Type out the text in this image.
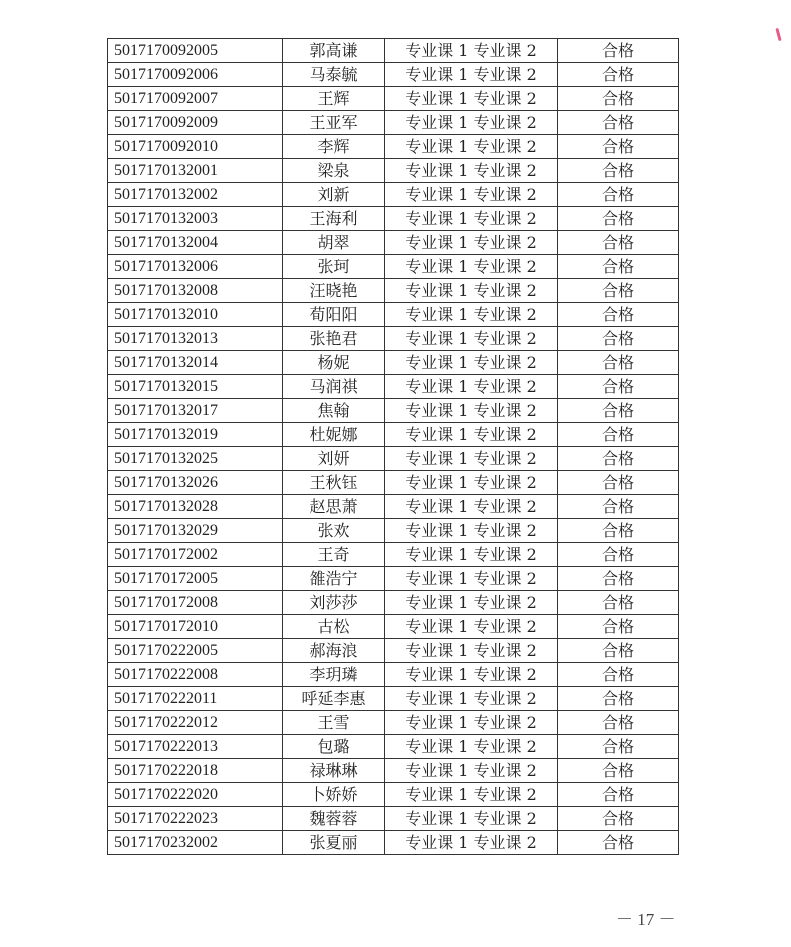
5017170092005	郭高谦	专业课 1 专业课 2	合格
5017170092006	马泰毓	专业课 1 专业课 2	合格
5017170092007	王辉	专业课 1 专业课 2	合格
5017170092009	王亚军	专业课 1 专业课 2	合格
5017170092010	李辉	专业课 1 专业课 2	合格
5017170132001	梁泉	专业课 1 专业课 2	合格
5017170132002	刘新	专业课 1 专业课 2	合格
5017170132003	王海利	专业课 1 专业课 2	合格
5017170132004	胡翠	专业课 1 专业课 2	合格
5017170132006	张珂	专业课 1 专业课 2	合格
5017170132008	汪晓艳	专业课 1 专业课 2	合格
5017170132010	荀阳阳	专业课 1 专业课 2	合格
5017170132013	张艳君	专业课 1 专业课 2	合格
5017170132014	杨妮	专业课 1 专业课 2	合格
5017170132015	马润祺	专业课 1 专业课 2	合格
5017170132017	焦翰	专业课 1 专业课 2	合格
5017170132019	杜妮娜	专业课 1 专业课 2	合格
5017170132025	刘妍	专业课 1 专业课 2	合格
5017170132026	王秋钰	专业课 1 专业课 2	合格
5017170132028	赵思萧	专业课 1 专业课 2	合格
5017170132029	张欢	专业课 1 专业课 2	合格
5017170172002	王奇	专业课 1 专业课 2	合格
5017170172005	雒浩宁	专业课 1 专业课 2	合格
5017170172008	刘莎莎	专业课 1 专业课 2	合格
5017170172010	古松	专业课 1 专业课 2	合格
5017170222005	郝海浪	专业课 1 专业课 2	合格
5017170222008	李玥璘	专业课 1 专业课 2	合格
5017170222011	呼延李惠	专业课 1 专业课 2	合格
5017170222012	王雪	专业课 1 专业课 2	合格
5017170222013	包璐	专业课 1 专业课 2	合格
5017170222018	禄琳琳	专业课 1 专业课 2	合格
5017170222020	卜娇娇	专业课 1 专业课 2	合格
5017170222023	魏蓉蓉	专业课 1 专业课 2	合格
5017170232002	张夏丽	专业课 1 专业课 2	合格
－ 17 －
